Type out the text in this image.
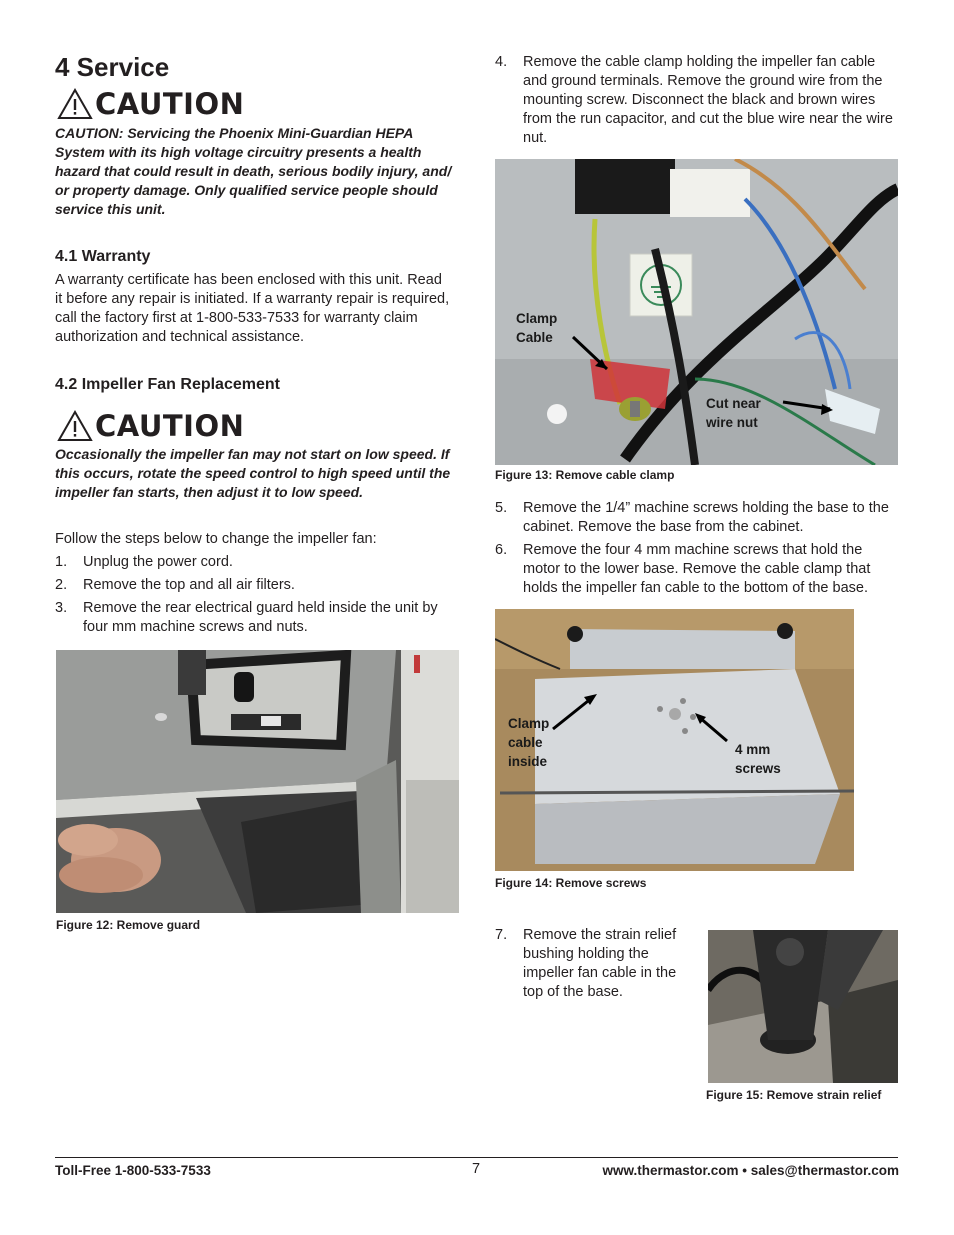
4 Service
CAUTION
CAUTION: Servicing the Phoenix Mini-Guardian HEPA System with its high voltage circuitry presents a health hazard that could result in death, serious bodily injury, and/ or property damage. Only qualified service people should service this unit.
4.1 Warranty
A warranty certificate has been enclosed with this unit. Read it before any repair is initiated. If a warranty repair is required, call the factory first at 1-800-533-7533 for warranty claim authorization and technical assistance.
4.2 Impeller Fan Replacement
CAUTION
Occasionally the impeller fan may not start on low speed. If this occurs, rotate the speed control to high speed until the impeller fan starts, then adjust it to low speed.
Follow the steps below to change the impeller fan:
1. Unplug the power cord.
2. Remove the top and all air filters.
3. Remove the rear electrical guard held inside the unit by four mm machine screws and nuts.
Figure 12: Remove guard
4. Remove the cable clamp holding the impeller fan cable and ground terminals. Remove the ground wire from the mounting screw. Disconnect the black and brown wires from the run capacitor, and cut the blue wire near the wire nut.
Clamp
Cable
Cut near
wire nut
Figure 13: Remove cable clamp
5. Remove the 1/4” machine screws holding the base to the cabinet. Remove the base from the cabinet.
6. Remove the four 4 mm machine screws that hold the motor to the lower base. Remove the cable clamp that holds the impeller fan cable to the bottom of the base.
Clamp
cable
inside
4 mm
screws
Figure 14: Remove screws
7. Remove the strain relief bushing holding the impeller fan cable in the top of the base.
Figure 15: Remove strain relief
Toll-Free 1-800-533-7533	7	www.thermastor.com • sales@thermastor.com
